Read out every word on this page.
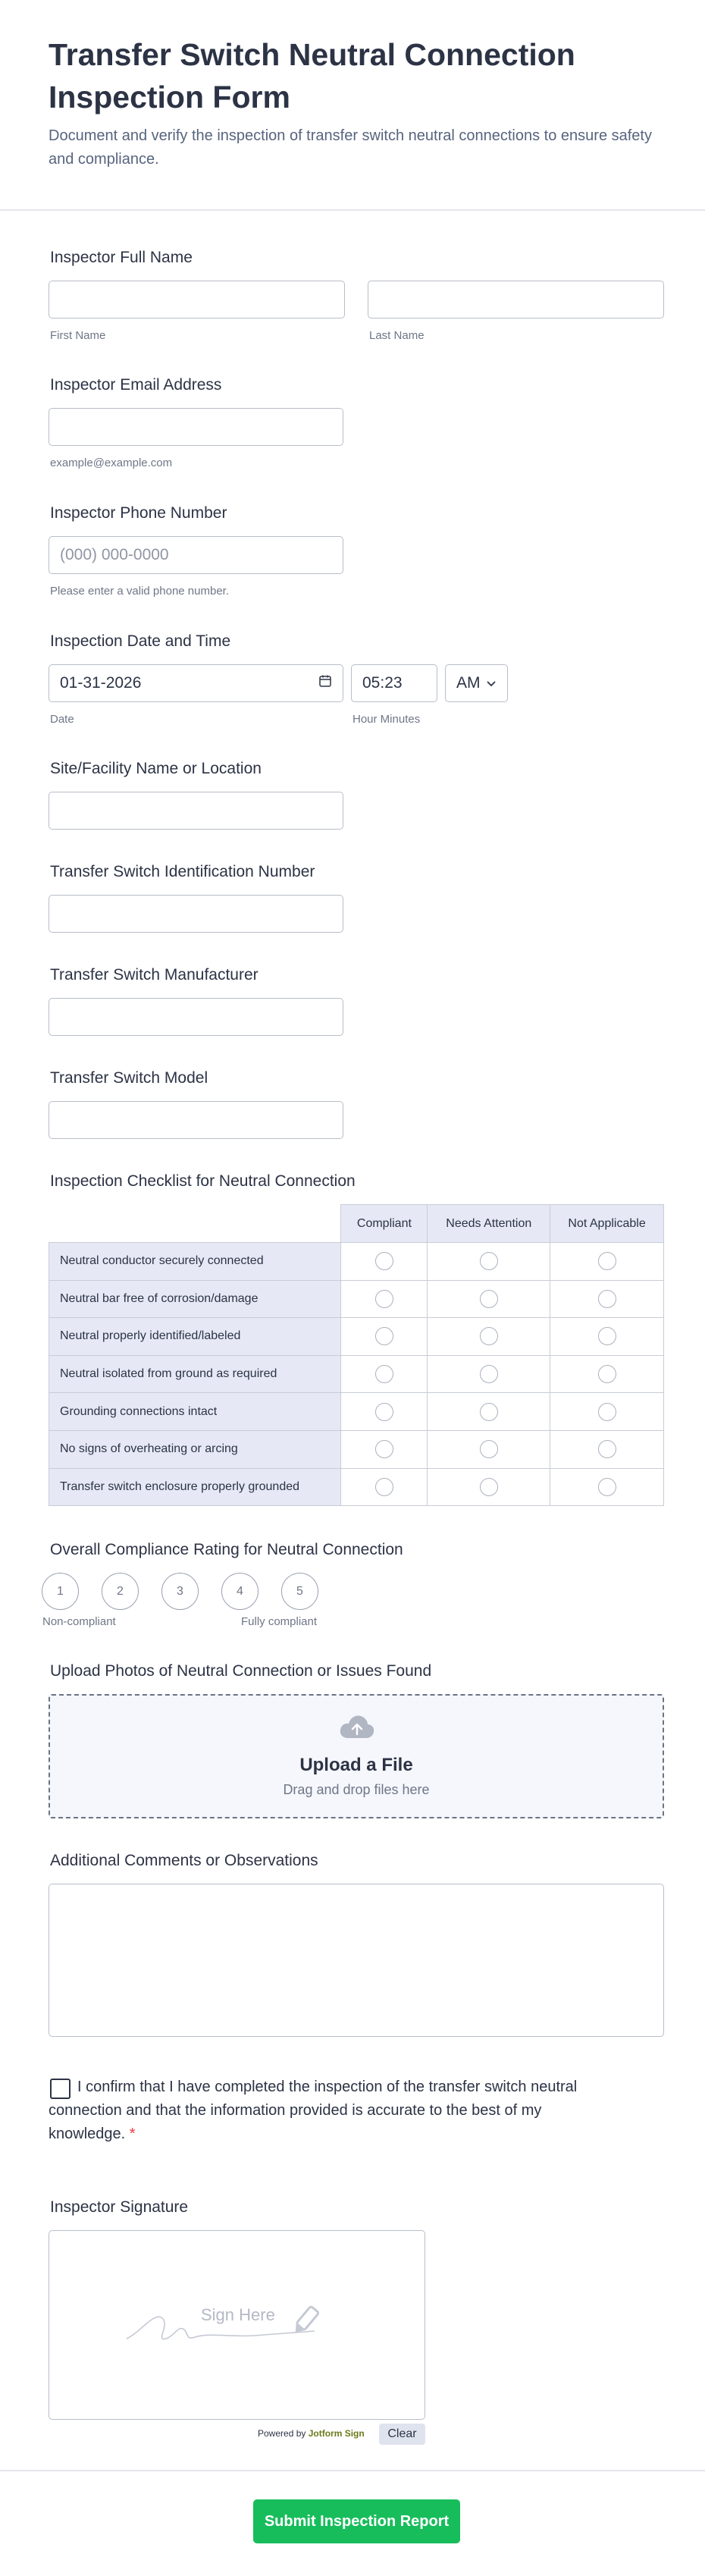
Transfer Switch Neutral Connection Inspection Form

Document and verify the inspection of transfer switch neutral connections to ensure safety and compliance.

Inspector Full Name
First Name	Last Name
Inspector Email Address
example@example.com
Inspector Phone Number
(000) 000-0000
Please enter a valid phone number.
Inspection Date and Time
01-31-2026	05:23	AM
Date	Hour Minutes
Site/Facility Name or Location
Transfer Switch Identification Number
Transfer Switch Manufacturer
Transfer Switch Model
Inspection Checklist for Neutral Connection
	Compliant	Needs Attention	Not Applicable
Neutral conductor securely connected			
Neutral bar free of corrosion/damage			
Neutral properly identified/labeled			
Neutral isolated from ground as required			
Grounding connections intact			
No signs of overheating or arcing			
Transfer switch enclosure properly grounded			
Overall Compliance Rating for Neutral Connection
1	2	3	4	5
Non-compliant	Fully compliant
Upload Photos of Neutral Connection or Issues Found
Upload a File
Drag and drop files here
Additional Comments or Observations

I confirm that I have completed the inspection of the transfer switch neutral connection and that the information provided is accurate to the best of my knowledge. *

Inspector Signature
Sign Here
Powered by Jotform Sign	Clear
Submit Inspection Report
